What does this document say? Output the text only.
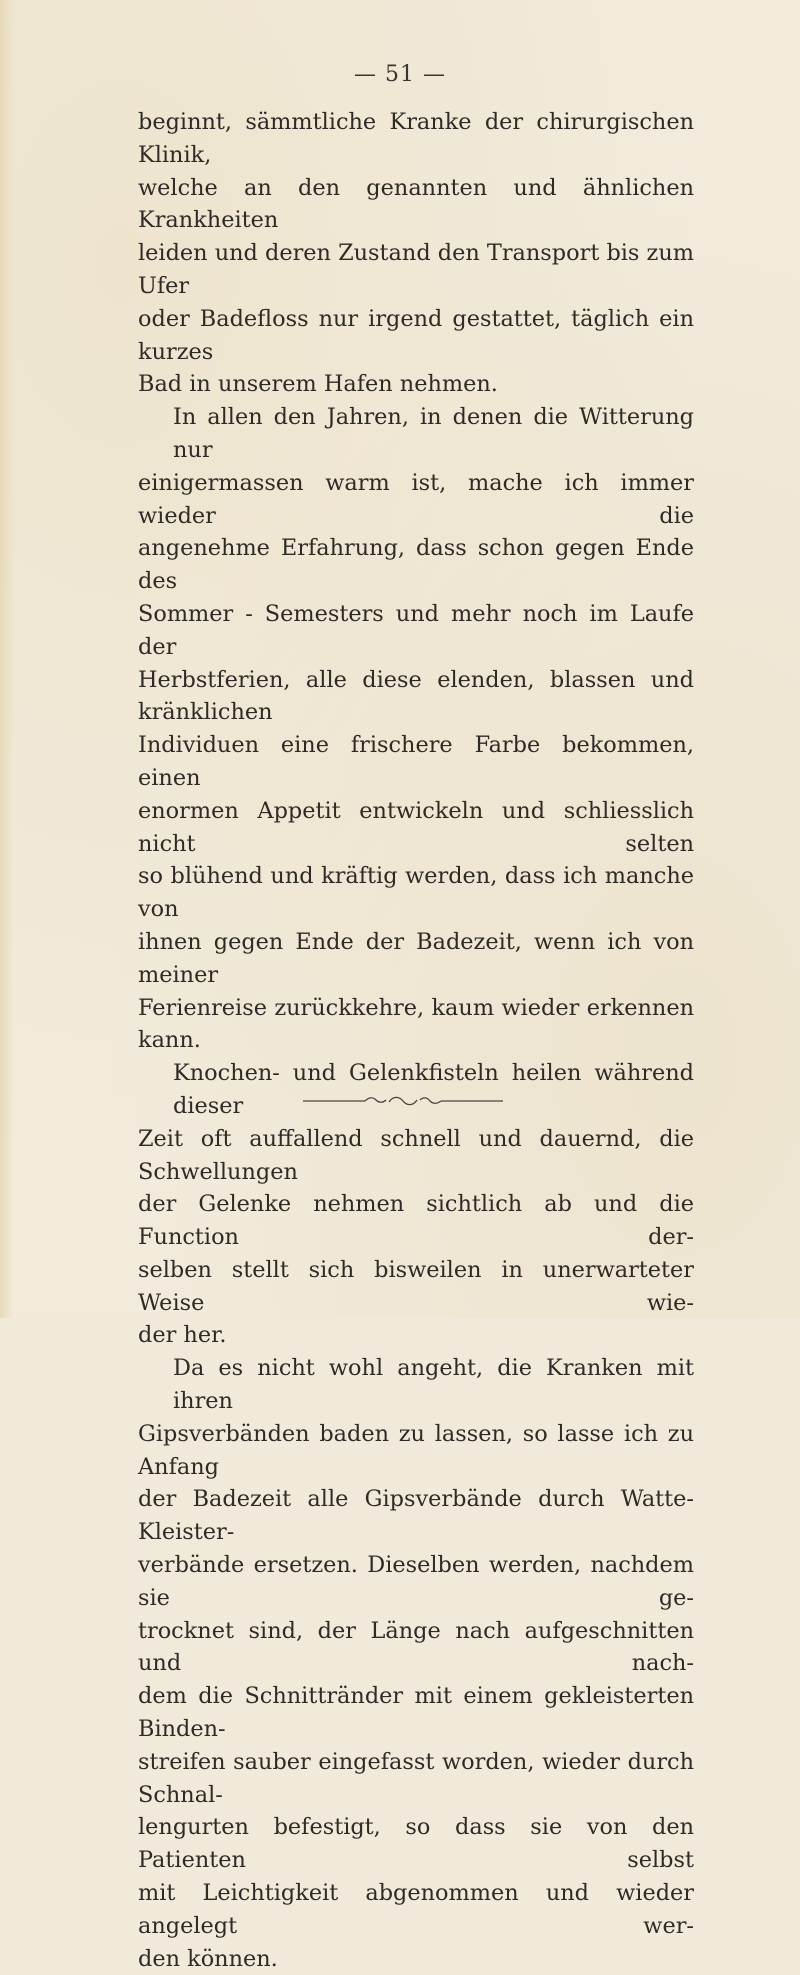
— 51 —
beginnt, sämmtliche Kranke der chirurgischen Klinik,
welche an den genannten und ähnlichen Krankheiten
leiden und deren Zustand den Transport bis zum Ufer
oder Badefloss nur irgend gestattet, täglich ein kurzes
Bad in unserem Hafen nehmen.
In allen den Jahren, in denen die Witterung nur
einigermassen warm ist, mache ich immer wieder die
angenehme Erfahrung, dass schon gegen Ende des
Sommer - Semesters und mehr noch im Laufe der
Herbstferien, alle diese elenden, blassen und kränklichen
Individuen eine frischere Farbe bekommen, einen
enormen Appetit entwickeln und schliesslich nicht selten
so blühend und kräftig werden, dass ich manche von
ihnen gegen Ende der Badezeit, wenn ich von meiner
Ferienreise zurückkehre, kaum wieder erkennen kann.
Knochen- und Gelenkfisteln heilen während dieser
Zeit oft auffallend schnell und dauernd, die Schwellungen
der Gelenke nehmen sichtlich ab und die Function der-
selben stellt sich bisweilen in unerwarteter Weise wie-
der her.
Da es nicht wohl angeht, die Kranken mit ihren
Gipsverbänden baden zu lassen, so lasse ich zu Anfang
der Badezeit alle Gipsverbände durch Watte-Kleister-
verbände ersetzen. Dieselben werden, nachdem sie ge-
trocknet sind, der Länge nach aufgeschnitten und nach-
dem die Schnittränder mit einem gekleisterten Binden-
streifen sauber eingefasst worden, wieder durch Schnal-
lengurten befestigt, so dass sie von den Patienten selbst
mit Leichtigkeit abgenommen und wieder angelegt wer-
den können.
